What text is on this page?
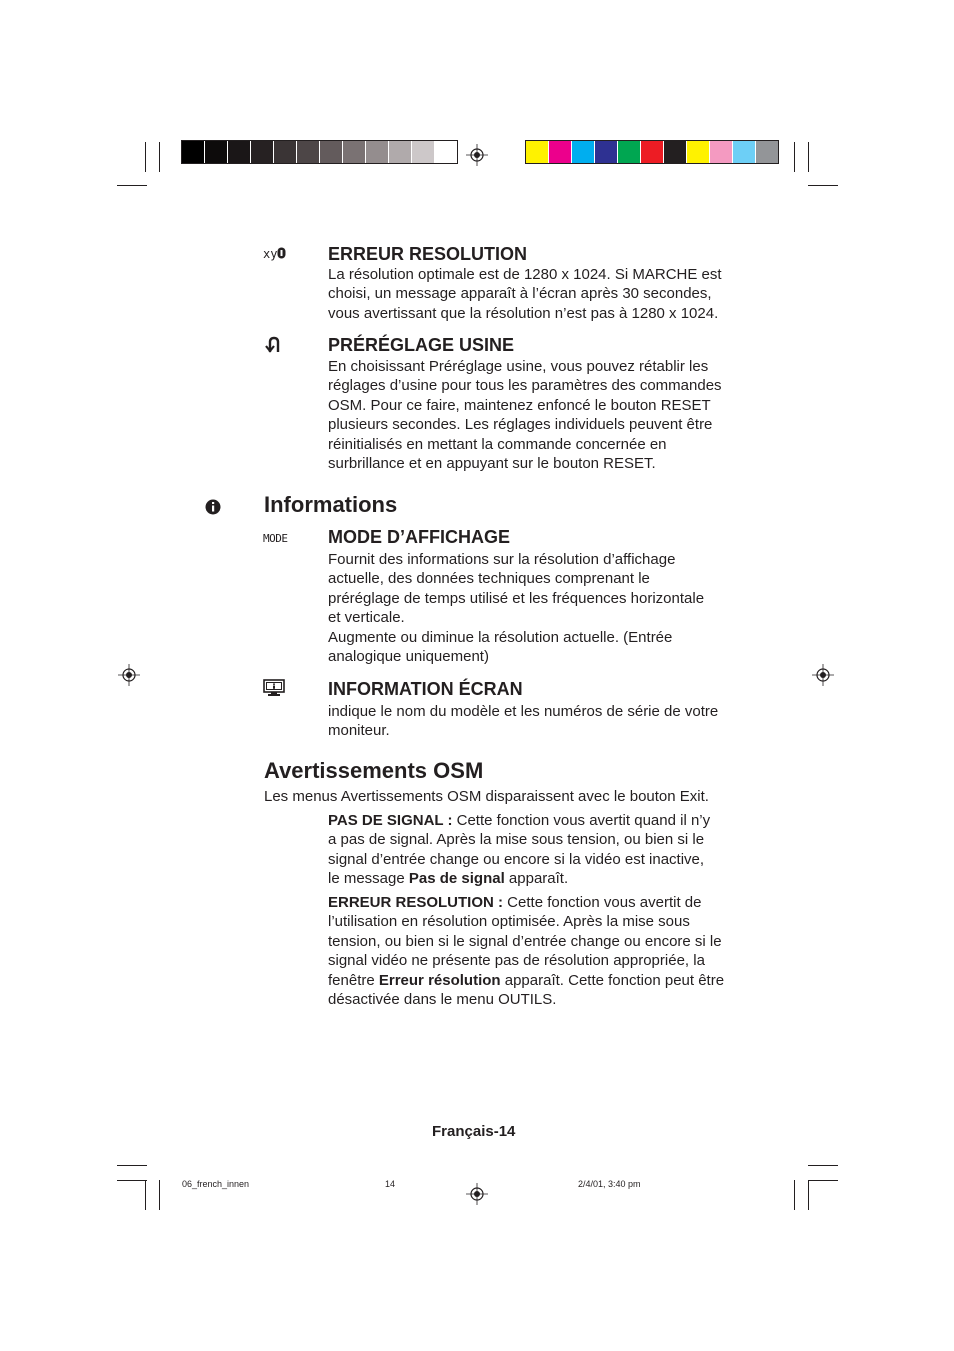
xy	ERREUR RESOLUTION
La résolution optimale est de 1280 x 1024. Si MARCHE est
choisi, un message apparaît à l’écran après 30 secondes,
vous avertissant que la résolution n’est pas à 1280 x 1024.
PRÉRÉGLAGE USINE
En choisissant Préréglage usine, vous pouvez rétablir les
réglages d’usine pour tous les paramètres des commandes
OSM. Pour ce faire, maintenez enfoncé le bouton RESET
plusieurs secondes. Les réglages individuels peuvent être
réinitialisés en mettant la commande concernée en
surbrillance et en appuyant sur le bouton RESET.
Informations
MODE MODE D’AFFICHAGE
Fournit des informations sur la résolution d’affichage
actuelle, des données techniques comprenant le
préréglage de temps utilisé et les fréquences horizontale
et verticale.
Augmente ou diminue la résolution actuelle. (Entrée
analogique uniquement)
INFORMATION ÉCRAN
indique le nom du modèle et les numéros de série de votre
moniteur.
Avertissements OSM

Les menus Avertissements OSM disparaissent avec le bouton Exit.

PAS DE SIGNAL : Cette fonction vous avertit quand il n’y
a pas de signal. Après la mise sous tension, ou bien si le
signal d’entrée change ou encore si la vidéo est inactive,
le message Pas de signal apparaît.
ERREUR RESOLUTION : Cette fonction vous avertit de
l’utilisation en résolution optimisée. Après la mise sous
tension, ou bien si le signal d’entrée change ou encore si le
signal vidéo ne présente pas de résolution appropriée, la
fenêtre Erreur résolution apparaît. Cette fonction peut être
désactivée dans le menu OUTILS.
Français-14
06_french_innen	14	2/4/01, 3:40 pm
